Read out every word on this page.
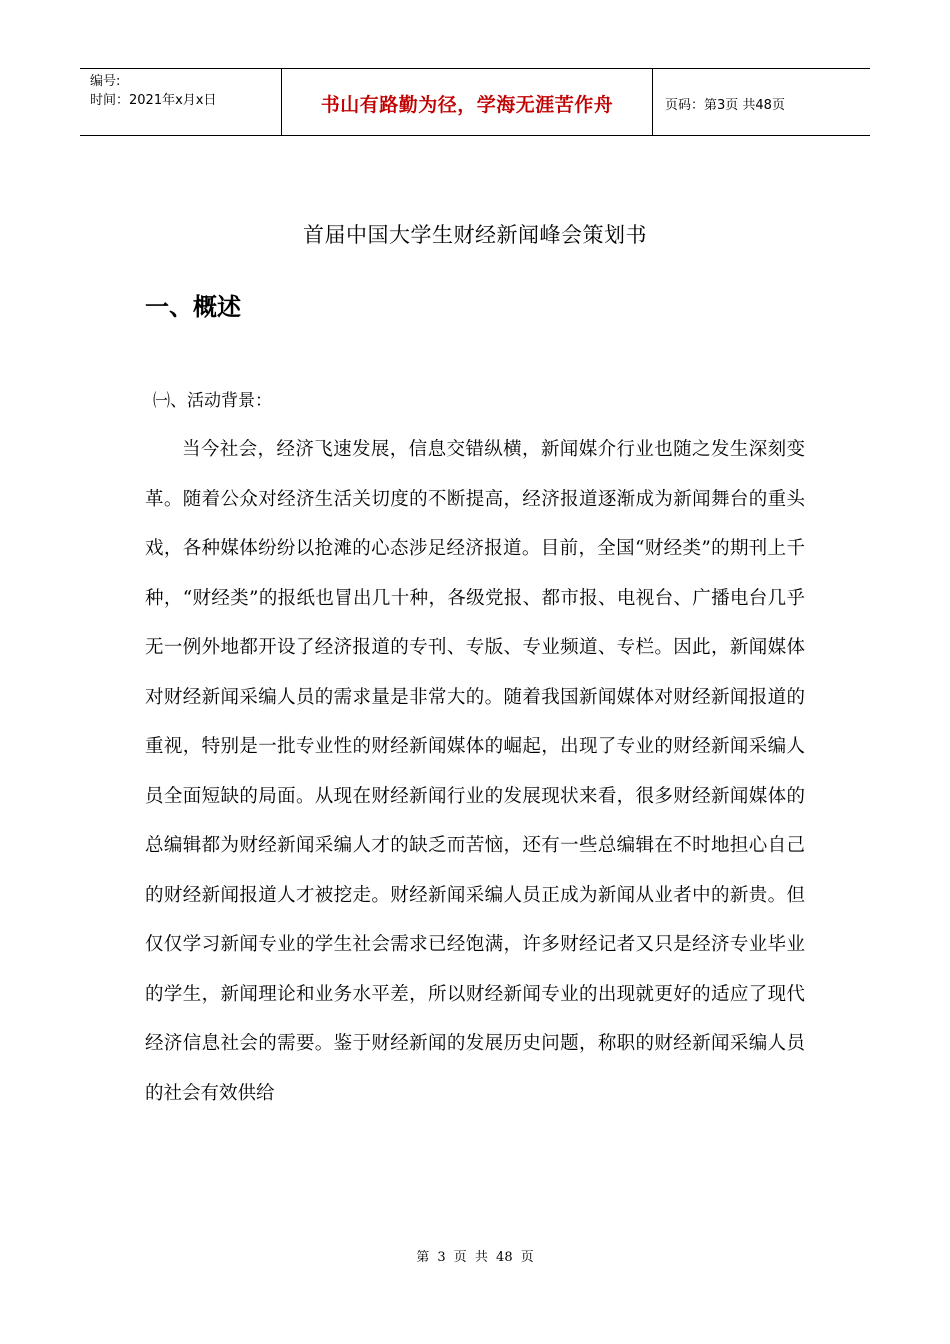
编号:
时间：2021年x月x日	书山有路勤为径，学海无涯苦作舟	页码：第3页 共48页
首届中国大学生财经新闻峰会策划书
一、概述
㈠、活动背景：

当今社会，经济飞速发展，信息交错纵横，新闻媒介行业也随之发生深刻变革。随着公众对经济生活关切度的不断提高，经济报道逐渐成为新闻舞台的重头戏，各种媒体纷纷以抢滩的心态涉足经济报道。目前，全国“财经类”的期刊上千种，“财经类”的报纸也冒出几十种，各级党报、都市报、电视台、广播电台几乎无一例外地都开设了经济报道的专刊、专版、专业频道、专栏。因此，新闻媒体对财经新闻采编人员的需求量是非常大的。随着我国新闻媒体对财经新闻报道的重视，特别是一批专业性的财经新闻媒体的崛起，出现了专业的财经新闻采编人员全面短缺的局面。从现在财经新闻行业的发展现状来看，很多财经新闻媒体的总编辑都为财经新闻采编人才的缺乏而苦恼，还有一些总编辑在不时地担心自己的财经新闻报道人才被挖走。财经新闻采编人员正成为新闻从业者中的新贵。但仅仅学习新闻专业的学生社会需求已经饱满，许多财经记者又只是经济专业毕业的学生，新闻理论和业务水平差，所以财经新闻专业的出现就更好的适应了现代经济信息社会的需要。鉴于财经新闻的发展历史问题，称职的财经新闻采编人员的社会有效供给

第 3 页 共 48 页
